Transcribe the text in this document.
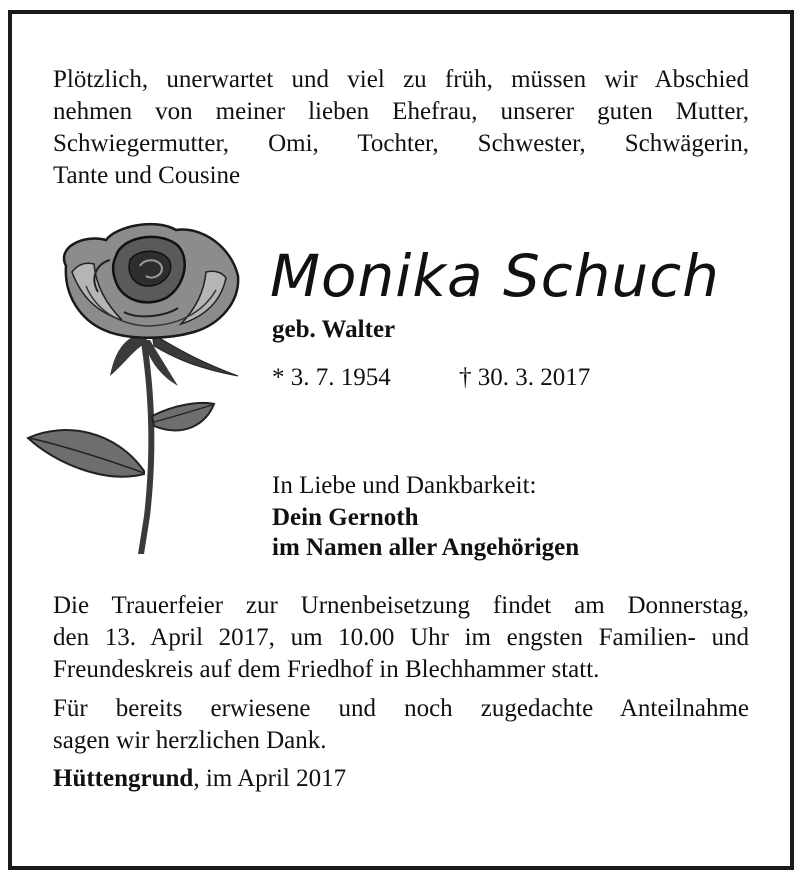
Plötzlich, unerwartet und viel zu früh, müssen wir Abschied
nehmen von meiner lieben Ehefrau, unserer guten Mutter,
Schwiegermutter, Omi, Tochter, Schwester, Schwägerin,
Tante und Cousine

Monika Schuch
geb. Walter
* 3. 7. 1954	† 30. 3. 2017
In Liebe und Dankbarkeit:
Dein Gernoth
im Namen aller Angehörigen

Die Trauerfeier zur Urnenbeisetzung findet am Donnerstag,
den 13. April 2017, um 10.00 Uhr im engsten Familien- und
Freundeskreis auf dem Friedhof in Blechhammer statt.

Für bereits erwiesene und noch zugedachte Anteilnahme
sagen wir herzlichen Dank.

Hüttengrund, im April 2017
